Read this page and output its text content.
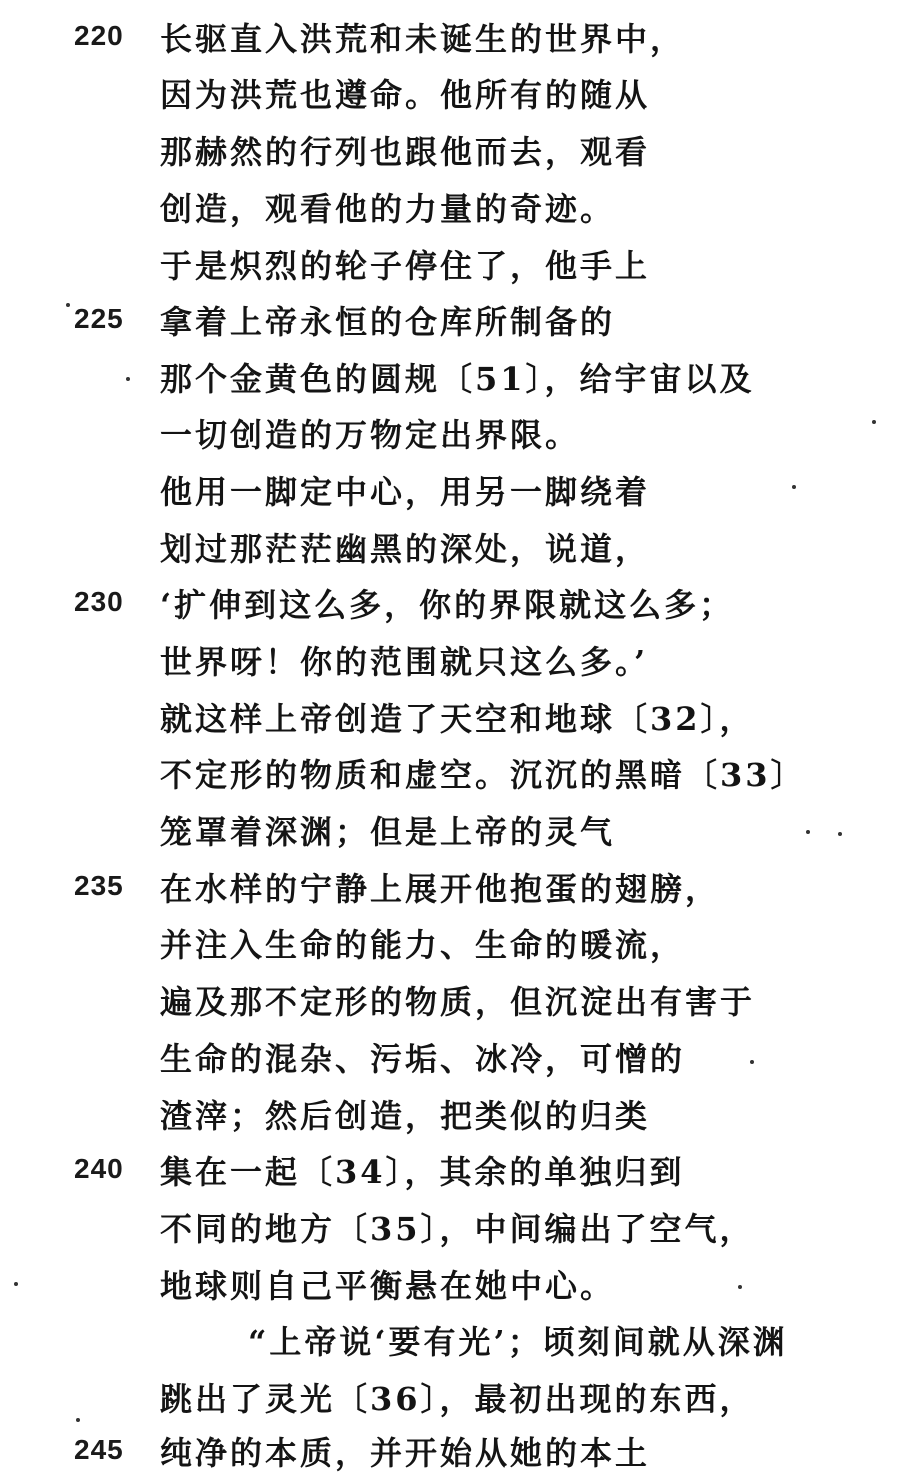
220 长驱直入洪荒和未诞生的世界中，
因为洪荒也遵命。他所有的随从
那赫然的行列也跟他而去，观看
创造，观看他的力量的奇迹。
于是炽烈的轮子停住了，他手上
225 拿着上帝永恒的仓库所制备的
那个金黄色的圆规〔51〕，给宇宙以及
一切创造的万物定出界限。
他用一脚定中心，用另一脚绕着
划过那茫茫幽黑的深处，说道，
230 ‘扩伸到这么多，你的界限就这么多；
世界呀！你的范围就只这么多。’
就这样上帝创造了天空和地球〔32〕，
不定形的物质和虚空。沉沉的黑暗〔33〕
笼罩着深渊；但是上帝的灵气
235 在水样的宁静上展开他抱蛋的翅膀，
并注入生命的能力、生命的暖流，
遍及那不定形的物质，但沉淀出有害于
生命的混杂、污垢、冰冷，可憎的
渣滓；然后创造，把类似的归类
240 集在一起〔34〕，其余的单独归到
不同的地方〔35〕，中间编出了空气，
地球则自己平衡悬在她中心。
“上帝说‘要有光’；顷刻间就从深渊
跳出了灵光〔36〕，最初出现的东西，
245 纯净的本质，并开始从她的本土
